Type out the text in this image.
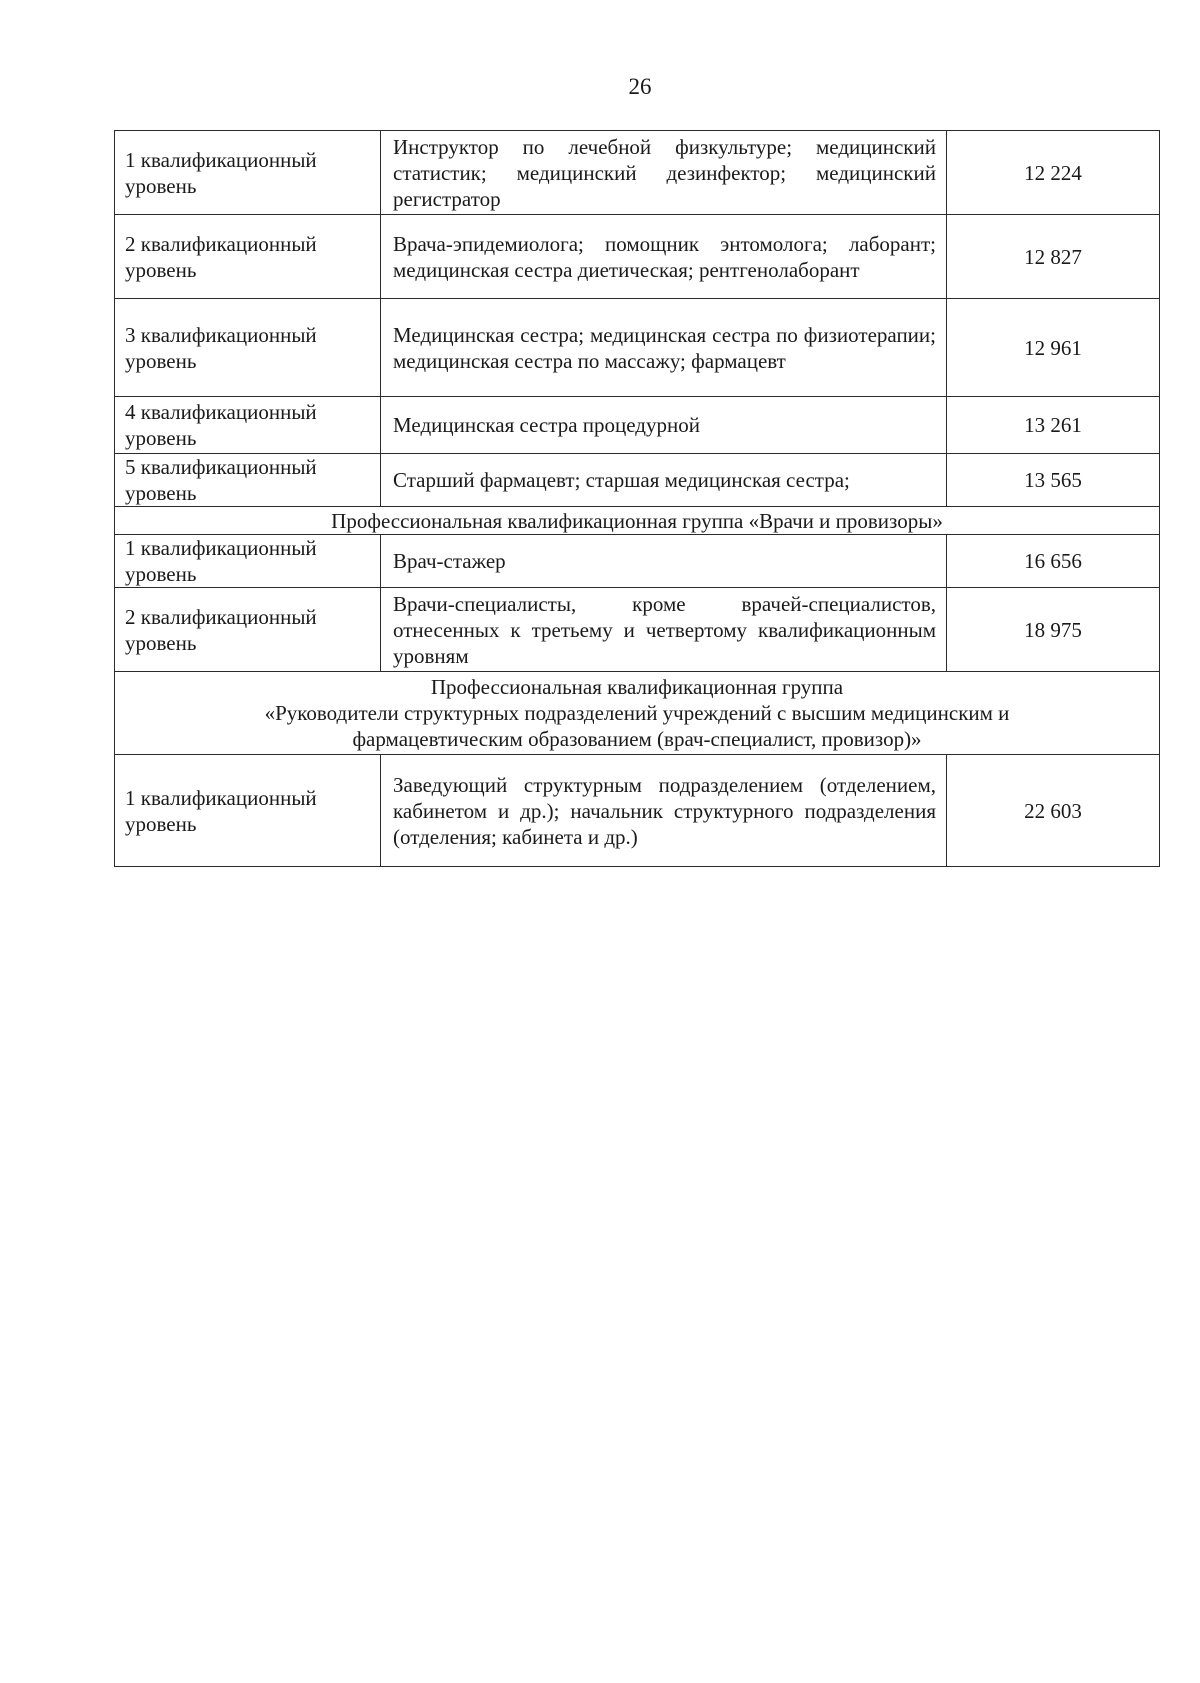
26
1 квалификационный уровень	Инструктор по лечебной физкультуре; медицинский статистик; медицинский дезинфектор; медицинский регистратор	12 224
2 квалификационный уровень	Врача-эпидемиолога; помощник энтомолога; лаборант; медицинская сестра диетическая; рентгенолаборант	12 827
3 квалификационный уровень	Медицинская сестра; медицинская сестра по физиотерапии; медицинская сестра по массажу; фармацевт	12 961
4 квалификационный уровень	Медицинская сестра процедурной	13 261
5 квалификационный уровень	Старший фармацевт; старшая медицинская сестра;	13 565

Профессиональная квалификационная группа «Врачи и провизоры»		

1 квалификационный уровень	Врач-стажер	16 656
2 квалификационный уровень	Врачи-специалисты, кроме врачей-специалистов, отнесенных к третьему и четвертому квалификационным уровням	18 975

Профессиональная квалификационная группа
«Руководители структурных подразделений учреждений с высшим медицинским и
фармацевтическим образованием (врач-специалист, провизор)»		

1 квалификационный уровень	Заведующий структурным подразделением (отделением, кабинетом и др.); начальник структурного подразделения (отделения; кабинета и др.)	22 603
